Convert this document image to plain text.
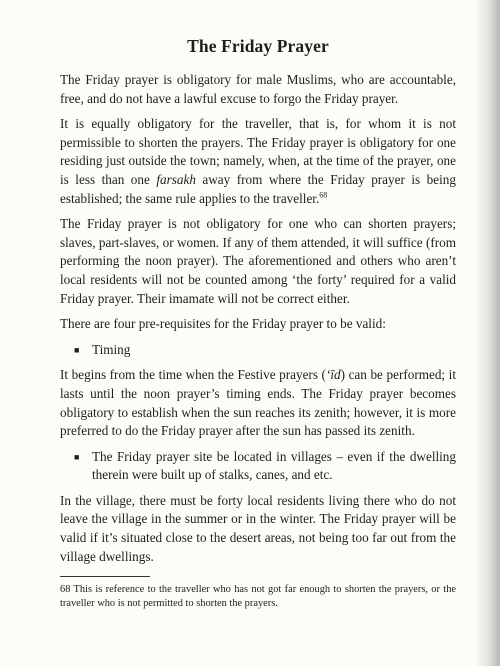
The Friday Prayer

The Friday prayer is obligatory for male Muslims, who are accountable, free, and do not have a lawful excuse to forgo the Friday prayer.

It is equally obligatory for the traveller, that is, for whom it is not permissible to shorten the prayers. The Friday prayer is obligatory for one residing just outside the town; namely, when, at the time of the prayer, one is less than one farsakh away from where the Friday prayer is being established; the same rule applies to the traveller.$^{68}$

The Friday prayer is not obligatory for one who can shorten prayers; slaves, part-slaves, or women. If any of them attended, it will suffice (from performing the noon prayer). The aforementioned and others who aren’t local residents will not be counted among ‘the forty’ required for a valid Friday prayer. Their imamate will not be correct either.

There are four pre-requisites for the Friday prayer to be valid:

■ Timing

It begins from the time when the Festive prayers (‘īd) can be performed; it lasts until the noon prayer’s timing ends. The Friday prayer becomes obligatory to establish when the sun reaches its zenith; however, it is more preferred to do the Friday prayer after the sun has passed its zenith.

■ The Friday prayer site be located in villages – even if the dwelling therein were built up of stalks, canes, and etc.

In the village, there must be forty local residents living there who do not leave the village in the summer or in the winter. The Friday prayer will be valid if it’s situated close to the desert areas, not being too far out from the village dwellings.

68 This is reference to the traveller who has not got far enough to shorten the prayers, or the traveller who is not permitted to shorten the prayers.
